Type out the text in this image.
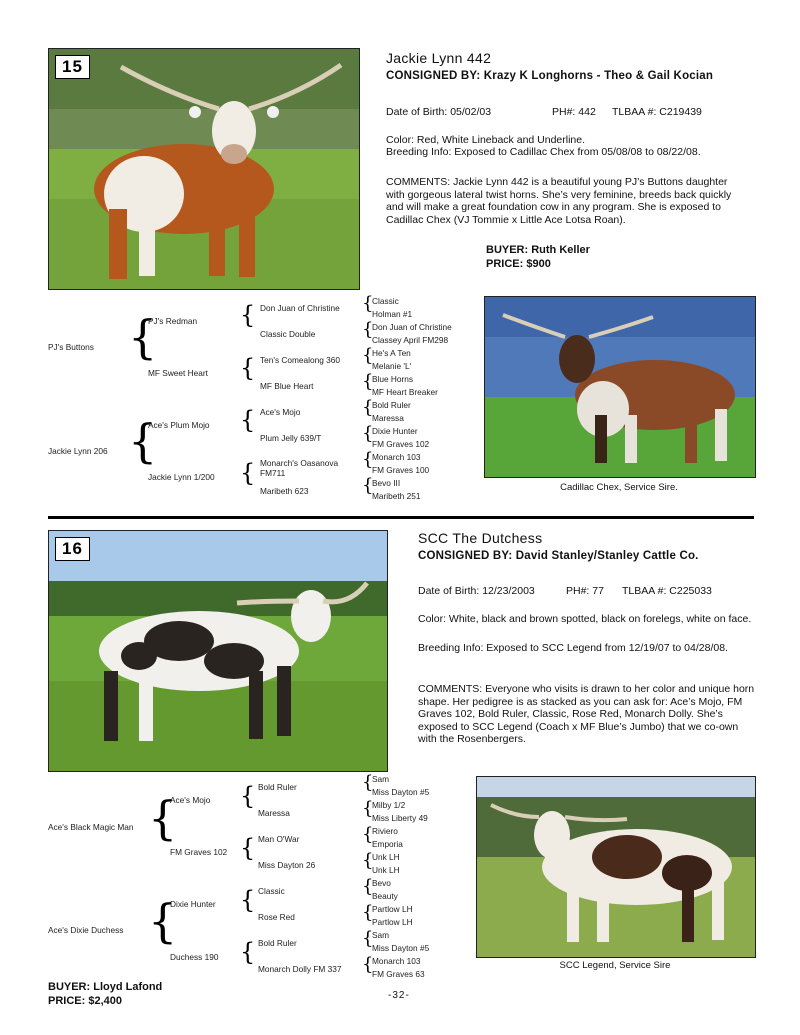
15	Jackie Lynn 442
CONSIGNED BY: Krazy K Longhorns - Theo & Gail Kocian
Date of Birth: 05/02/03	PH#: 442 TLBAA #: C219439
Color: Red, White Lineback and Underline.
Breeding Info: Exposed to Cadillac Chex from 05/08/08 to 08/22/08.
COMMENTS: Jackie Lynn 442 is a beautiful young PJ’s Buttons daughter with gorgeous lateral twist horns. She’s very feminine, breeds back quickly and will make a great foundation cow in any program. She is exposed to Cadillac Chex (VJ Tommie x Little Ace Lotsa Roan).
BUYER: Ruth Keller
PRICE: $900
PJ's Buttons
Jackie Lynn 206
{
{
PJ's Redman
MF Sweet Heart
Ace's Plum Mojo
Jackie Lynn 1/200
{
{
{
{
Don Juan of Christine
Classic Double
Ten's Comealong 360
MF Blue Heart
Ace's Mojo
Plum Jelly 639/T
Monarch's Oasanova FM711
Maribeth 623
{
{
{
{
{
{
{
{
Classic
Holman #1
Don Juan of Christine
Classey April FM298
He's A Ten
Melanie 'L'
Blue Horns
MF Heart Breaker
Bold Ruler
Maressa
Dixie Hunter
FM Graves 102
Monarch 103
FM Graves 100
Bevo III
Maribeth 251
Cadillac Chex, Service Sire.
16
SCC The Dutchess
CONSIGNED BY: David Stanley/Stanley Cattle Co.
Date of Birth: 12/23/2003	PH#: 77 TLBAA #: C225033
Color: White, black and brown spotted, black on forelegs, white on face.
Breeding Info: Exposed to SCC Legend from 12/19/07 to 04/28/08.
COMMENTS: Everyone who visits is drawn to her color and unique horn shape. Her pedigree is as stacked as you can ask for: Ace’s Mojo, FM Graves 102, Bold Ruler, Classic, Rose Red, Monarch Dolly. She’s exposed to SCC Legend (Coach x MF Blue’s Jumbo) that we co-own with the Rosenbergers.
Ace's Black Magic Man
Ace's Dixie Duchess
{
{
Ace's Mojo
FM Graves 102
Dixie Hunter
Duchess 190
{
{
{
{
Bold Ruler
Maressa
Man O'War
Miss Dayton 26
Classic
Rose Red
Bold Ruler
Monarch Dolly FM 337
{
{
{
{
{
{
{
{
Sam
Miss Dayton #5
Milby 1/2
Miss Liberty 49
Riviero
Emporia
Unk LH
Unk LH
Bevo
Beauty
Partlow LH
Partlow LH
Sam
Miss Dayton #5
Monarch 103
FM Graves 63
SCC Legend, Service Sire
BUYER: Lloyd Lafond
PRICE: $2,400	-32-
